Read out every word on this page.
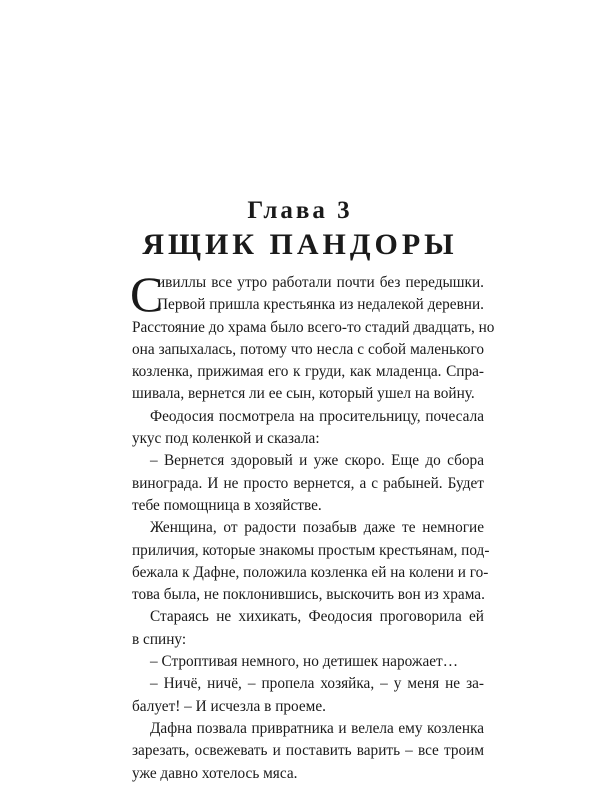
Глава 3
ЯЩИК ПАНДОРЫ
С
ивиллы все утро работали почти без передышки.
Первой пришла крестьянка из недалекой деревни.
Расстояние до храма было всего-то стадий двадцать, но
она запыхалась, потому что несла с собой маленького
козленка, прижимая его к груди, как младенца. Спра-
шивала, вернется ли ее сын, который ушел на войну.
Феодосия посмотрела на просительницу, почесала
укус под коленкой и сказала:
– Вернется здоровый и уже скоро. Еще до сбора
винограда. И не просто вернется, а с рабыней. Будет
тебе помощница в хозяйстве.
Женщина, от радости позабыв даже те немногие
приличия, которые знакомы простым крестьянам, под-
бежала к Дафне, положила козленка ей на колени и го-
това была, не поклонившись, выскочить вон из храма.
Стараясь не хихикать, Феодосия проговорила ей
в спину:
– Строптивая немного, но детишек нарожает…
– Ничё, ничё, – пропела хозяйка, – у меня не за-
балует! – И исчезла в проеме.
Дафна позвала привратника и велела ему козленка
зарезать, освежевать и поставить варить – все троим
уже давно хотелось мяса.
